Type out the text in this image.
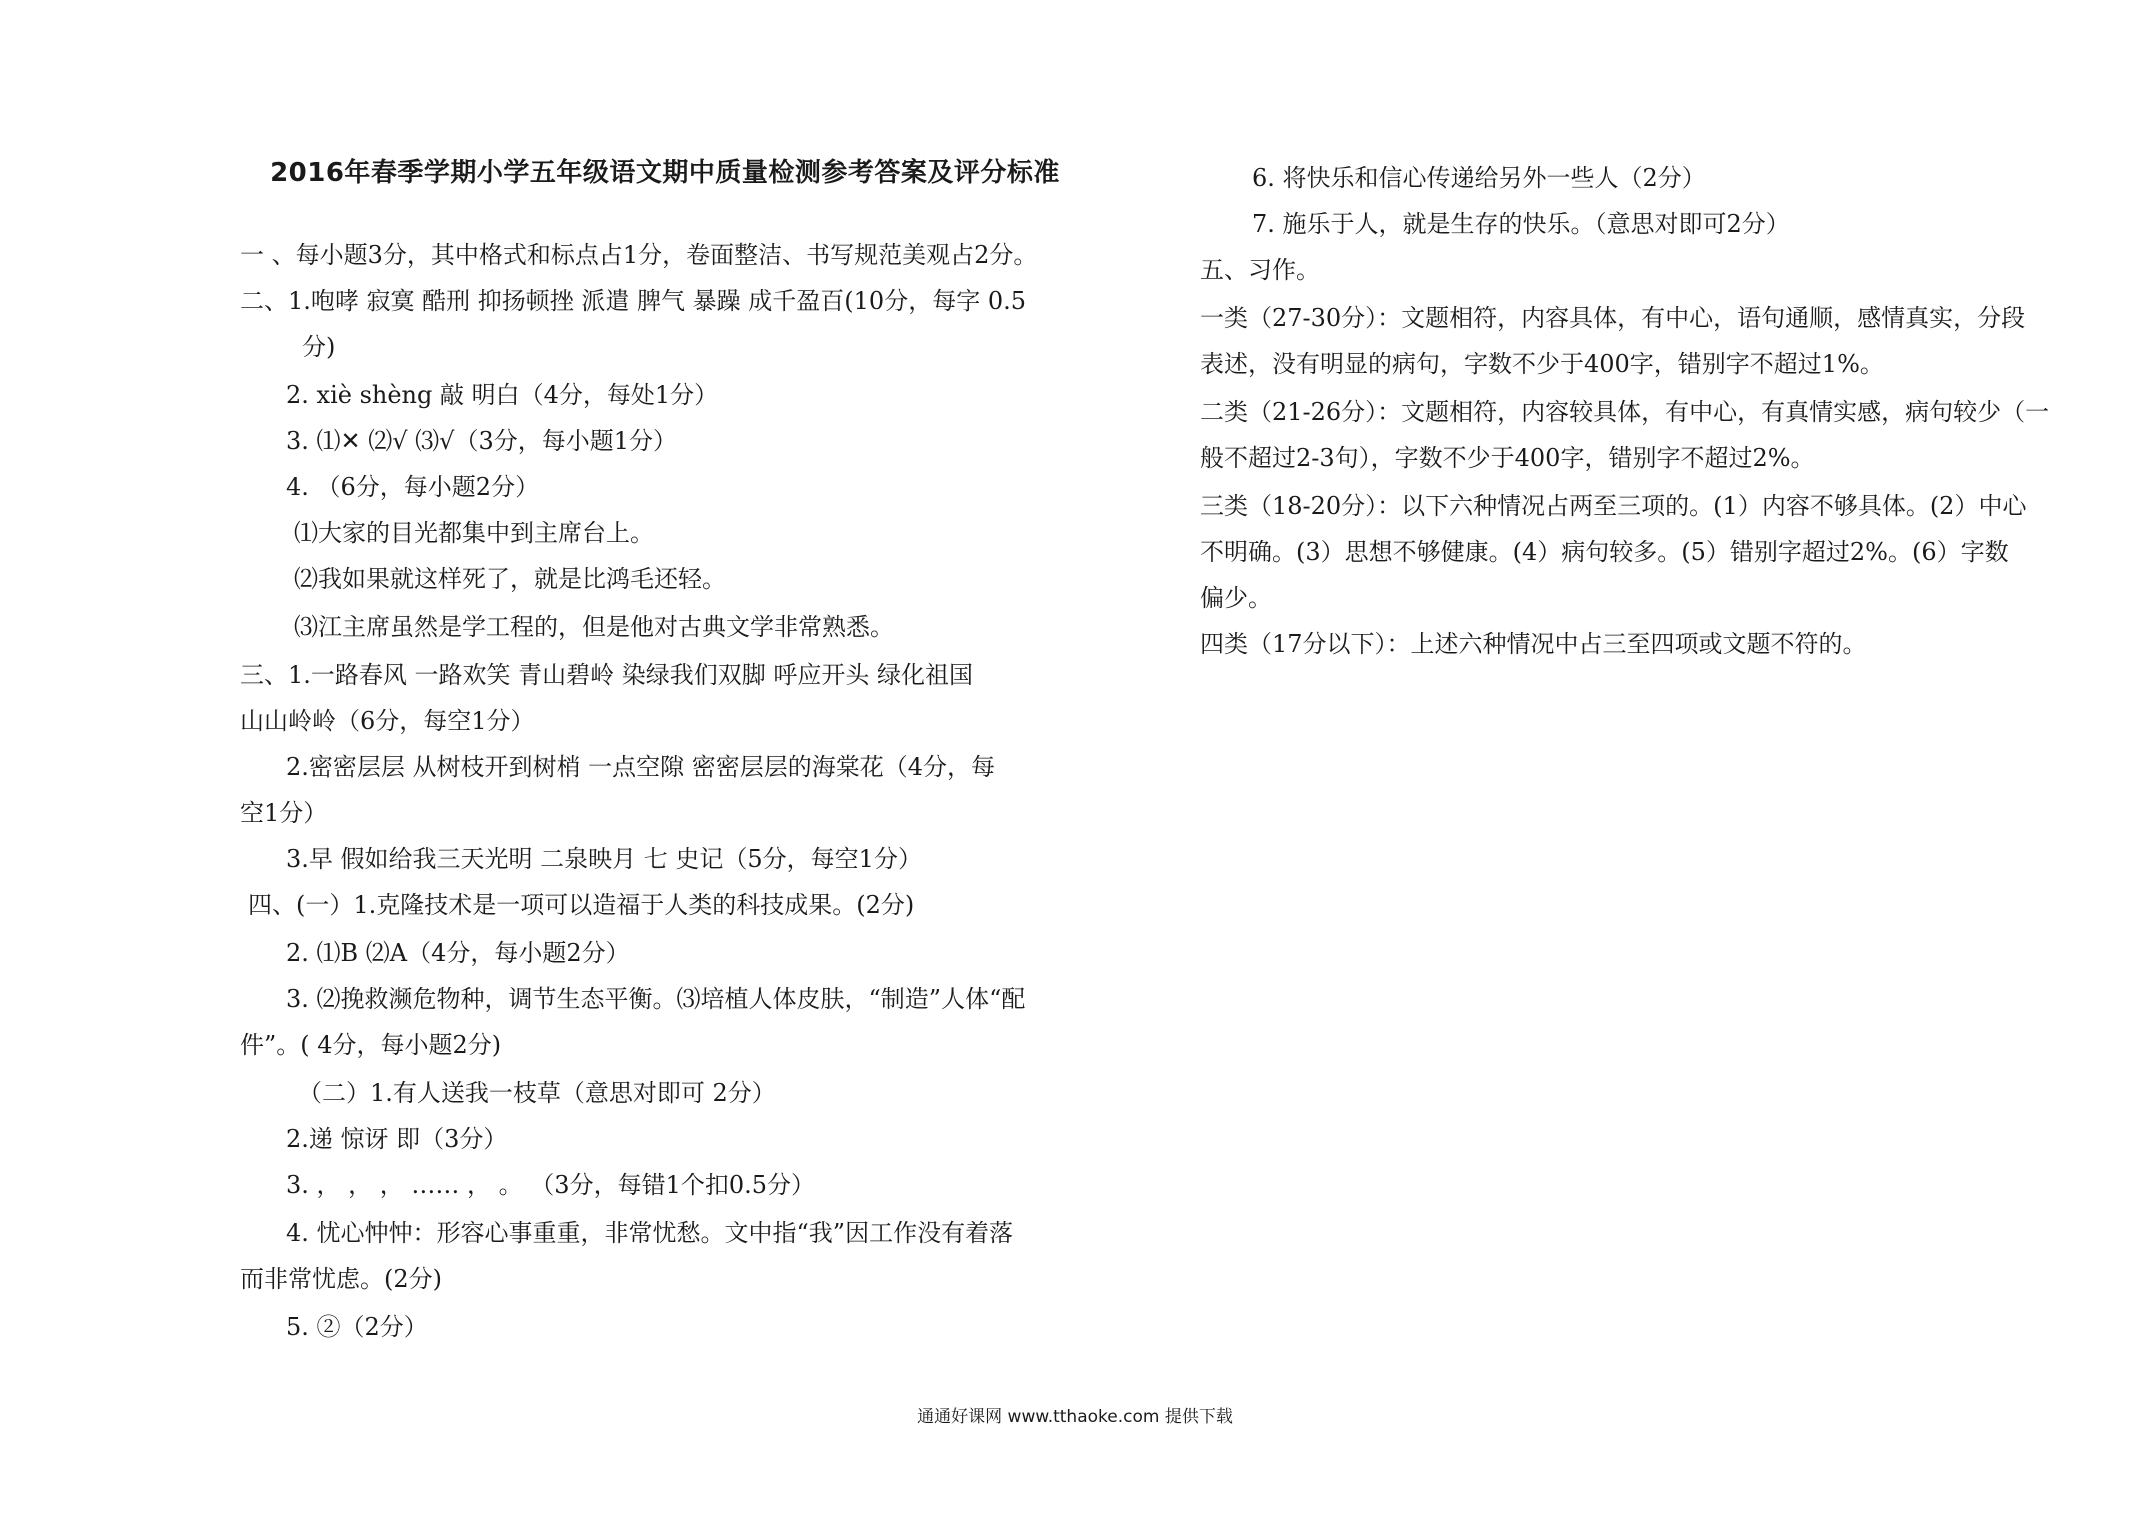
2016年春季学期小学五年级语文期中质量检测参考答案及评分标准
一 、每小题3分，其中格式和标点占1分，卷面整洁、书写规范美观占2分。
二、1.咆哮 寂寞 酷刑 抑扬顿挫 派遣 脾气 暴躁 成千盈百(10分，每字 0.5
分)
2. xiè shèng 敲 明白（4分，每处1分）
3. ⑴✕ ⑵√ ⑶√（3分，每小题1分）
4. （6分，每小题2分）
⑴大家的目光都集中到主席台上。
⑵我如果就这样死了，就是比鸿毛还轻。
⑶江主席虽然是学工程的，但是他对古典文学非常熟悉。
三、1.一路春风 一路欢笑 青山碧岭 染绿我们双脚 呼应开头 绿化祖国
山山岭岭（6分，每空1分）
2.密密层层 从树枝开到树梢 一点空隙 密密层层的海棠花（4分，每
空1分）
3.早 假如给我三天光明 二泉映月 七 史记（5分，每空1分）
四、(一）1.克隆技术是一项可以造福于人类的科技成果。(2分)
2. ⑴B ⑵A（4分，每小题2分）
3. ⑵挽救濒危物种，调节生态平衡。⑶培植人体皮肤，“制造”人体“配
件”。( 4分，每小题2分)
（二）1.有人送我一枝草（意思对即可 2分）
2.递 惊讶 即（3分）
3. ， ， ， …… ， 。 （3分，每错1个扣0.5分）
4. 忧心忡忡：形容心事重重，非常忧愁。文中指“我”因工作没有着落
而非常忧虑。(2分)
5. ②（2分）
6. 将快乐和信心传递给另外一些人（2分）
7. 施乐于人，就是生存的快乐。（意思对即可2分）
五、习作。
一类（27-30分）：文题相符，内容具体，有中心，语句通顺，感情真实，分段
表述，没有明显的病句，字数不少于400字，错别字不超过1%。
二类（21-26分）：文题相符，内容较具体，有中心，有真情实感，病句较少（一
般不超过2-3句），字数不少于400字，错别字不超过2%。
三类（18-20分）：以下六种情况占两至三项的。(1）内容不够具体。(2）中心
不明确。(3）思想不够健康。(4）病句较多。(5）错别字超过2%。(6）字数
偏少。
四类（17分以下）：上述六种情况中占三至四项或文题不符的。
通通好课网 www.tthaoke.com 提供下载
